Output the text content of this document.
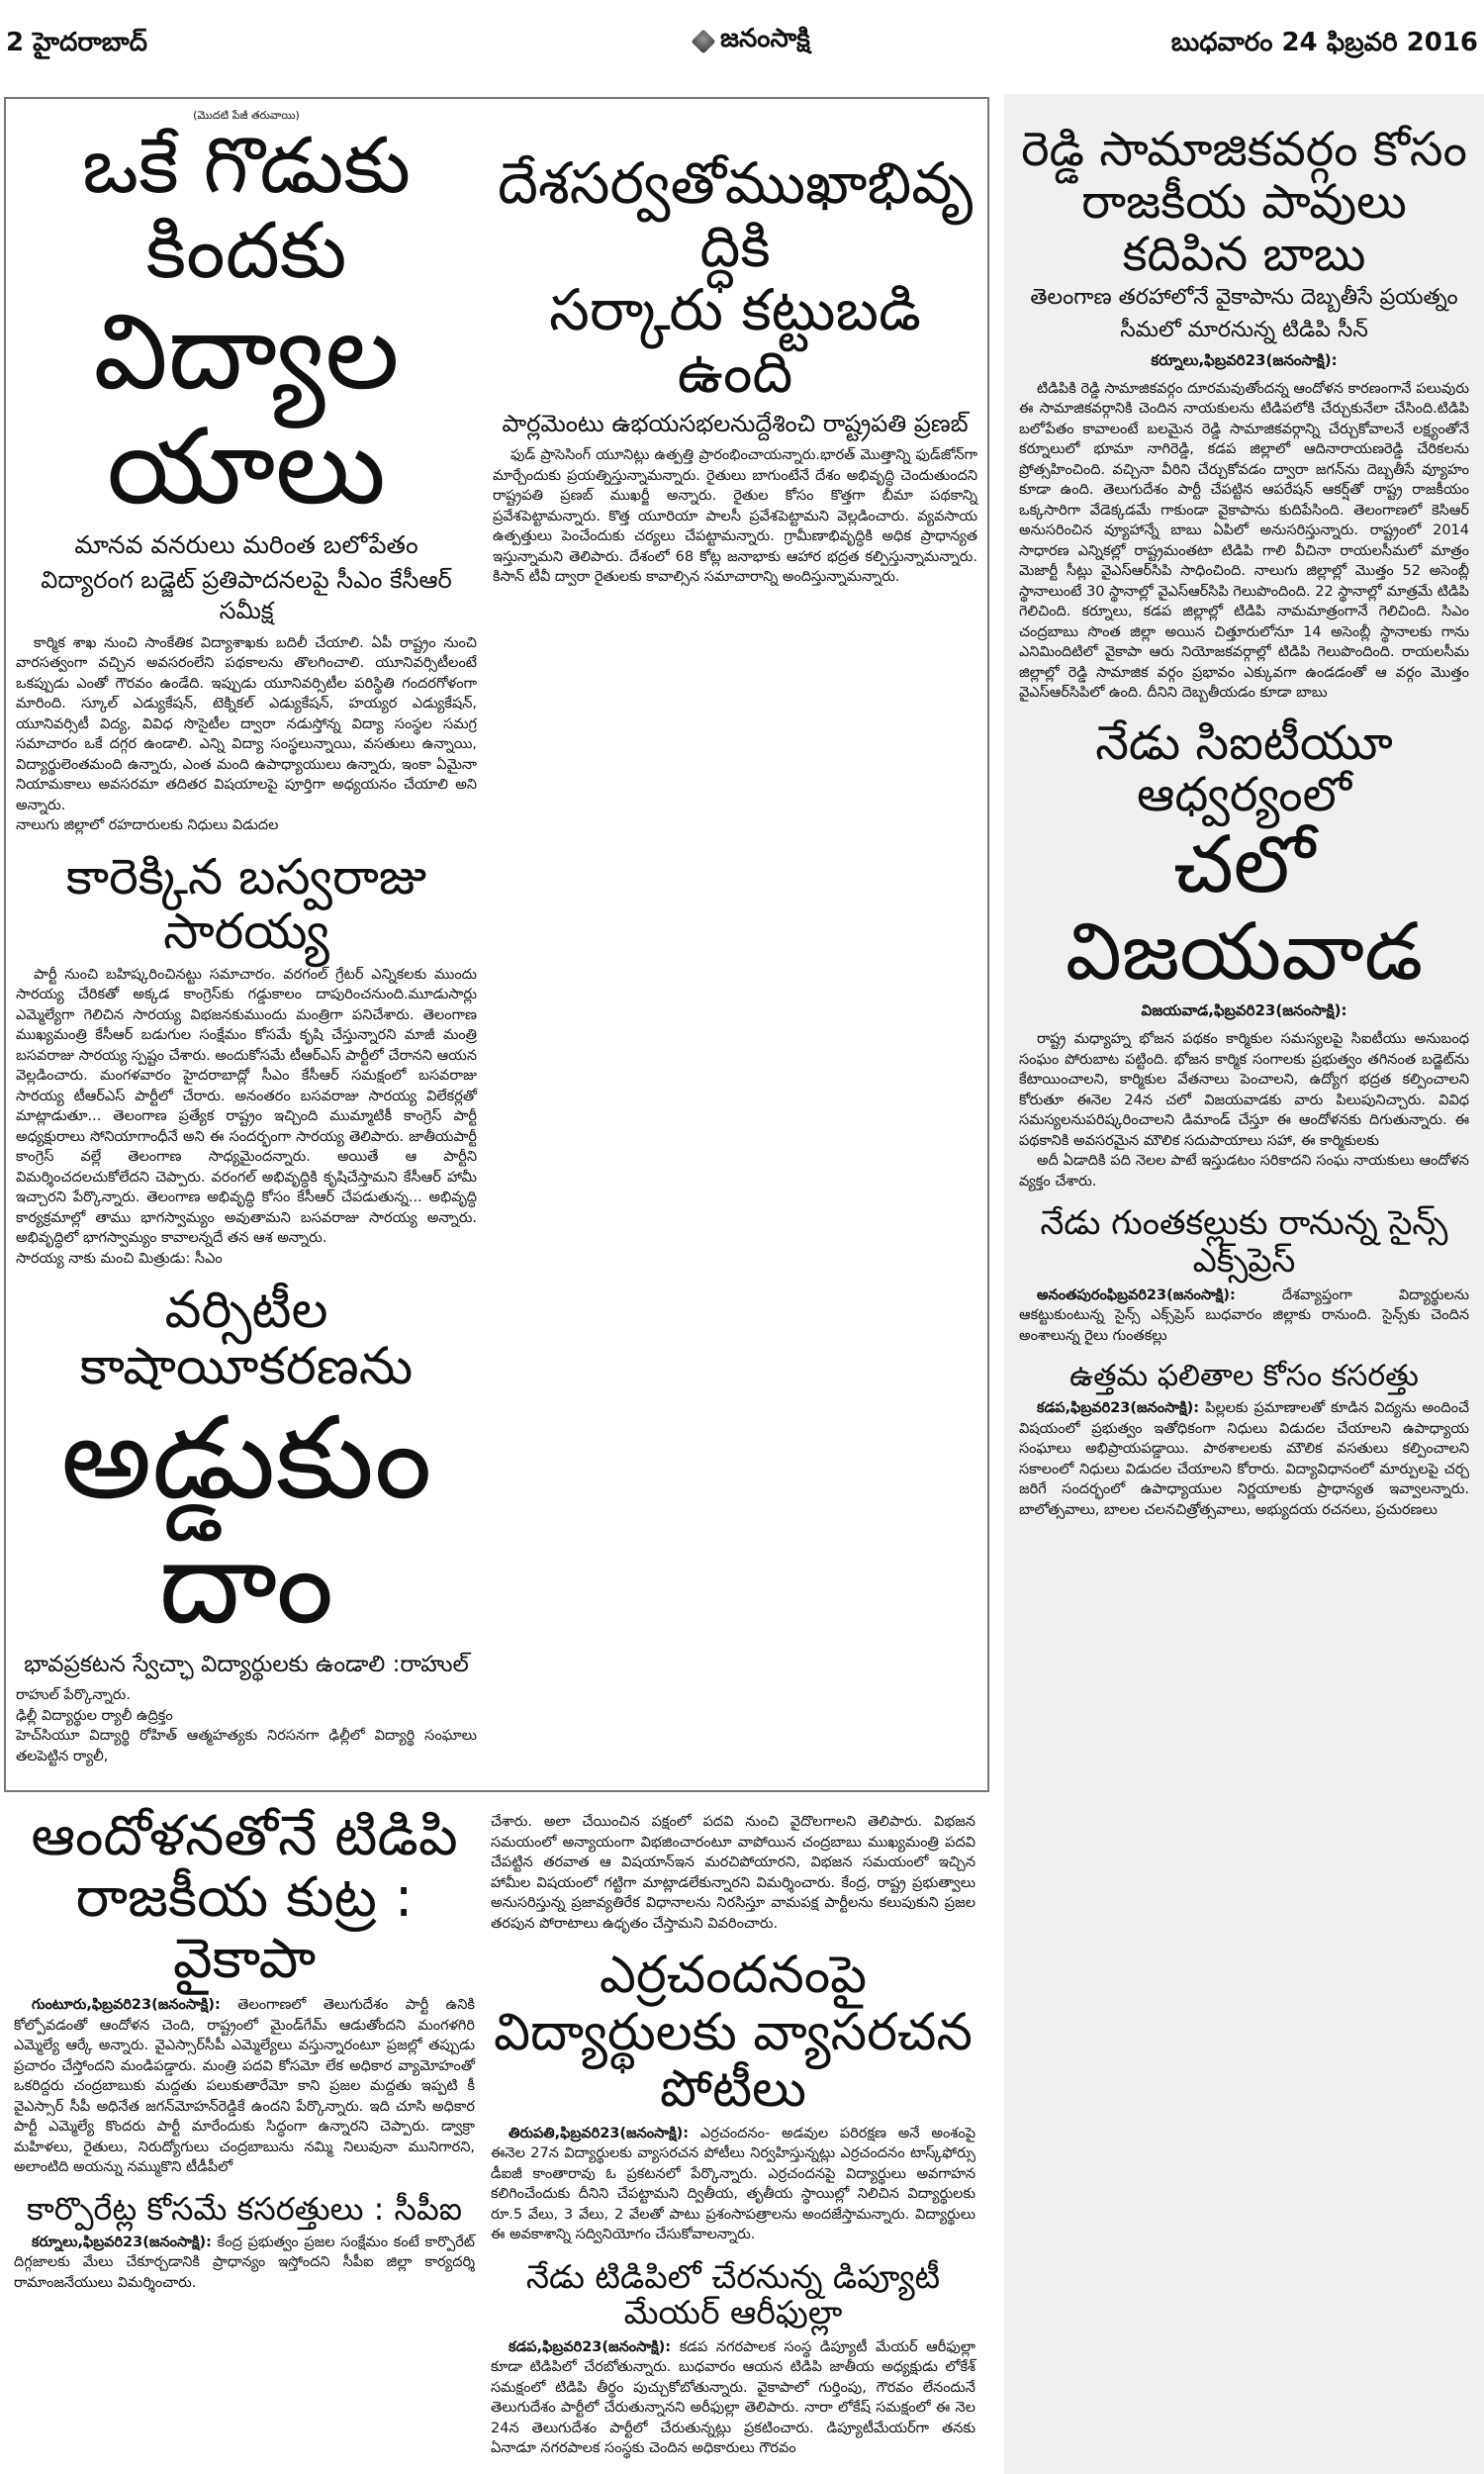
2 హైదరాబాద్	జనంసాక్షి	బుధవారం 24 ఫిబ్రవరి 2016
(మొదటి పేజీ తరువాయి)
ఒకే గొడుకు కిందకు
విద్యాలయాలు
మానవ వనరులు మరింత బలోపేతం
విద్యారంగ బడ్జెట్ ప్రతిపాదనలపై సీఎం కేసీఆర్ సమీక్ష

కార్మిక శాఖ నుంచి సాంకేతిక విద్యాశాఖకు బదిలీ చేయాలి. ఏపీ రాష్ట్రం నుంచి వారసత్వంగా వచ్చిన అవసరంలేని పథకాలను తొలగించాలి. యూనివర్సిటీలంటే ఒకప్పుడు ఎంతో గౌరవం ఉండేది. ఇప్పుడు యూనివర్సిటీల పరిస్థితి గందరగోళంగా మారింది. స్కూల్ ఎడ్యుకేషన్, టెక్నికల్ ఎడ్యుకేషన్, హయ్యర ఎడ్యుకేషన్, యూనివర్సిటీ విద్య, వివిధ సొసైటీల ద్వారా నడుస్తోన్న విద్యా సంస్థల సమగ్ర సమాచారం ఒకే దగ్గర ఉండాలి. ఎన్ని విద్యా సంస్థలున్నాయి, వసతులు ఉన్నాయి, విద్యార్థులెంతమంది ఉన్నారు, ఎంత మంది ఉపాధ్యాయులు ఉన్నారు, ఇంకా ఏమైనా నియామకాలు అవసరమా తదితర విషయాలపై పూర్తిగా అధ్యయనం చేయాలి అని అన్నారు.

నాలుగు జిల్లాలో రహదారులకు నిధులు విడుదల

కారెక్కిన బస్వరాజు సారయ్య

పార్టీ నుంచి బహిష్కరించినట్టు సమాచారం. వరగంల్ గ్రేటర్ ఎన్నికలకు ముందు సారయ్య చేరికతో అక్కడ కాంగ్రెస్‌కు గడ్డుకాలం దాపురించనుంది.మూడుసార్లు ఎమ్మెల్యేగా గెలిచిన సారయ్య విభజనకుముందు మంత్రిగా పనిచేశారు. తెలంగాణ ముఖ్యమంత్రి కేసీఆర్ బడుగుల సంక్షేమం కోసమే కృషి చేస్తున్నారని మాజీ మంత్రి బసవరాజు సారయ్య స్పష్టం చేశారు. అందుకోసమే టీఆర్ఎస్ పార్టీలో చేరానని ఆయన వెల్లడించారు. మంగళవారం హైదరాబాద్లో సీఎం కేసీఆర్ సమక్షంలో బసవరాజు సారయ్య టీఆర్ఎస్ పార్టీలో చేరారు. అనంతరం బసవరాజు సారయ్య విలేకర్లతో మాట్లాడుతూ... తెలంగాణ ప్రత్యేక రాష్ట్రం ఇచ్చింది ముమ్మాటికీ కాంగ్రెస్ పార్టీ అధ్యక్షురాలు సోనియాగాంధీనే అని ఈ సందర్భంగా సారయ్య తెలిపారు. జాతీయపార్టీ కాంగ్రెస్ వల్లే తెలంగాణ సాధ్యమైందన్నారు. అయితే ఆ పార్టీని విమర్శించదలచుకోలేదని చెప్పారు. వరంగల్ అభివృద్ధికి కృషిచేస్తామని కేసీఆర్ హామీ ఇచ్చారని పేర్కొన్నారు. తెలంగాణ అభివృద్ధి కోసం కేసీఆర్ చేపడుతున్న... అభివృద్ధి కార్యక్రమాల్లో తాము భాగస్వామ్యం అవుతామని బసవరాజు సారయ్య అన్నారు. అభివృద్ధిలో భాగస్వామ్యం కావాలన్నదే తన ఆశ అన్నారు.

సారయ్య నాకు మంచి మిత్రుడు: సీఎం

వర్సిటీల కాషాయీకరణను
అడ్డుకుందాం
భావప్రకటన స్వేచ్ఛా విద్యార్థులకు ఉండాలి :రాహుల్

రాహుల్ పేర్కొన్నారు.

ఢిల్లీ విద్యార్థుల ర్యాలీ ఉద్రిక్తం

హెచ్‌సియూ విద్యార్థి రోహిత్ ఆత్మహత్యకు నిరసనగా ఢిల్లీలో విద్యార్థి సంఘాలు తలపెట్టిన ర్యాలీ,

దేశసర్వతోముఖాభివృద్ధికి
సర్కారు కట్టుబడి ఉంది
పార్లమెంటు ఉభయసభలనుద్దేశించి రాష్ట్రపతి ప్రణబ్

ఫుడ్ ప్రాసెసింగ్ యూనిట్లు ఉత్పత్తి ప్రారంభించాయన్నారు.భారత్ మొత్తాన్ని ఫుడ్‌జోన్‌గా మార్చేందుకు ప్రయత్నిస్తున్నామన్నారు. రైతులు బాగుంటేనే దేశం అభివృద్ధి చెందుతుందని రాష్ట్రపతి ప్రణబ్ ముఖర్జీ అన్నారు. రైతుల కోసం కొత్తగా బీమా పథకాన్ని ప్రవేశపెట్టామన్నారు. కొత్త యూరియా పాలసీ ప్రవేశపెట్టామని వెల్లడించారు. వ్యవసాయ ఉత్పత్తులు పెంచేందుకు చర్యలు చేపట్టామన్నారు. గ్రామీణాభివృద్ధికి అధిక ప్రాధాన్యత ఇస్తున్నామని తెలిపారు. దేశంలో 68 కోట్ల జనాభాకు ఆహార భద్రత కల్పిస్తున్నామన్నారు. కిసాన్ టీవీ ద్వారా రైతులకు కావాల్సిన సమాచారాన్ని అందిస్తున్నామన్నారు.

ఆందోళనతోనే టిడిపి
రాజకీయ కుట్ర : వైకాపా

గుంటూరు,ఫిబ్రవరి23(జనంసాక్షి): తెలంగాణలో తెలుగుదేశం పార్టీ ఉనికి కోల్పోవడంతో ఆందోళన చెంది, రాష్ట్రంలో మైండ్‌గేమ్ ఆడుతోందని మంగళగిరి ఎమ్మెల్యే ఆర్కే అన్నారు. వైఎస్సార్‌సీపీ ఎమ్మెల్యేలు వస్తున్నారంటూ ప్రజల్లో తప్పుడు ప్రచారం చేస్తోందని మండిపడ్డారు. మంత్రి పదవి కోసమో లేక అధికార వ్యామోహంతో ఒకరిద్దరు చంద్రబాబుకు మద్దతు పలుకుతారేమో కాని ప్రజల మద్దతు ఇప్పటి కీ వైఎస్సార్ సీపీ అధినేత జగన్‌మోహన్‌రెడ్డికే ఉందని పేర్కొన్నారు. ఇది చూసి అధికార పార్టీ ఎమ్మెల్యే కొందరు పార్టీ మారేందుకు సిద్ధంగా ఉన్నారని చెప్పారు. డ్వాక్రా మహిళలు, రైతులు, నిరుద్యోగులు చంద్రబాబును నమ్మి నిలువునా మునిగారని, అలాంటిది అయన్ను నమ్ముకొని టీడీపీలో

కార్పొరేట్ల కోసమే కసరత్తులు : సీపీఐ

కర్నూలు,ఫిబ్రవరి23(జనంసాక్షి): కేంద్ర ప్రభుత్వం ప్రజల సంక్షేమం కంటే కార్పొరేట్ దిగ్గజాలకు మేలు చేకూర్చడానికి ప్రాధాన్యం ఇస్తోందని సీపీఐ జిల్లా కార్యదర్శి రామాంజనేయులు విమర్శించారు.

చేశారు. అలా చేయించిన పక్షంలో పదవి నుంచి వైదొలగాలని తెలిపారు. విభజన సమయంలో అన్యాయంగా విభజించారంటూ వాపోయిన చంద్రబాబు ముఖ్యమంత్రి పదవి చేపట్టిన తరవాత ఆ విషయాన్‌ఇన మరచిపోయారని, విభజన సమయంలో ఇచ్చిన హామీల విషయంలో గట్టిగా మాట్లాడలేకున్నారని విమర్శించారు. కేంద్ర, రాష్ట్ర ప్రభుత్వాలు అనుసరిస్తున్న ప్రజావ్యతిరేక విధానాలను నిరసిస్తూ వామపక్ష పార్టీలను కలుపుకుని ప్రజల తరపున పోరాటాలు ఉధృతం చేస్తామని వివరించారు.

ఎర్రచందనంపై
విద్యార్థులకు వ్యాసరచన పోటీలు

తిరుపతి,ఫిబ్రవరి23(జనంసాక్షి): ఎర్రచందనం- అడవుల పరిరక్షణ అనే అంశంపై ఈనెల 27న విద్యార్థులకు వ్యాసరచన పోటీలు నిర్వహిస్తున్నట్లు ఎర్రచందనం టాస్క్‌ఫోర్సు డీఐజీ కాంతారావు ఓ ప్రకటనలో పేర్కొన్నారు. ఎర్రచందనపై విద్యార్థులు అవగాహన కలిగించేందుకు దీనిని చేపట్టామని ద్వితీయ, తృతీయ స్థాయిల్లో నిలిచిన విద్యార్థులకు రూ.5 వేలు, 3 వేలు, 2 వేలతో పాటు ప్రశంసాపత్రాలను అందజేస్తామన్నారు. విద్యార్థులు ఈ అవకాశాన్ని సద్వినియోగం చేసుకోవాలన్నారు.

నేడు టిడిపిలో చేరనున్న డిప్యూటీ మేయర్ ఆరీఫుల్లా

కడప,ఫిబ్రవరి23(జనంసాక్షి): కడప నగరపాలక సంస్థ డిప్యూటీ మేయర్ ఆరీఫుల్లా కూడా టిడిపిలో చేరబోతున్నారు. బుధవారం ఆయన టిడిపి జాతీయ అధ్యక్షుడు లోకేశ్ సమక్షంలో టిడిపి తీర్థం పుచ్చుకోబోతున్నారు. వైకాపాలో గుర్తింపు, గౌరవం లేనందునే తెలుగుదేశం పార్టీలో చేరుతున్నానని అరీఫుల్లా తెలిపారు. నారా లోకేష్ సమక్షంలో ఈ నెల 24న తెలుగుదేశం పార్టీలో చేరుతున్నట్లు ప్రకటించారు. డిప్యూటీమేయర్‌గా తనకు ఏనాడూ నగరపాలక సంస్థకు చెందిన అధికారులు గౌరవం

రెడ్డి సామాజికవర్గం కోసం
రాజకీయ పావులు కదిపిన బాబు
తెలంగాణ తరహాలోనే వైకాపాను దెబ్బతీసే ప్రయత్నం
సీమలో మారనున్న టిడిపి సీన్
కర్నూలు,ఫిబ్రవరి23(జనంసాక్షి):

టిడిపికి రెడ్డి సామాజికవర్గం దూరమవుతోందన్న ఆందోళన కారణంగానే పలువురు ఈ సామాజికవర్గానికి చెందిన నాయకులను టిడిపలోకి చేర్చుకునేలా చేసింది.టిడిపి బలోపేతం కావాలంటే బలమైన రెడ్డి సామాజికవర్గాన్ని చేర్చుకోవాలనే లక్ష్యంతోనే కర్నూలులో భూమా నాగిరెడ్డి, కడప జిల్లాలో ఆదినారాయణరెడ్డి చేరికలను ప్రోత్సహించింది. వచ్చినా వీరిని చేర్చుకోవడం ద్వారా జగన్‌ను దెబ్బతీసే వ్యూహం కూడా ఉంది. తెలుగుదేశం పార్టీ చేపట్టిన ఆపరేషన్ ఆకర్ష్‌తో రాష్ట్ర రాజకీయం ఒక్కసారిగా వేడెక్కడమే గాకుండా వైకాపాను కుదిపేసింది. తెలంగాణలో కెసిఆర్ అనుసరించిన వ్యూహాన్నే బాబు ఏపిలో అనుసరిస్తున్నారు. రాష్ట్రంలో 2014 సాధారణ ఎన్నికల్లో రాష్ట్రమంతటా టిడిపి గాలి వీచినా రాయలసీమలో మాత్రం మెజార్టీ సీట్లు వైఎస్ఆర్‌సిపి సాధించింది. నాలుగు జిల్లాల్లో మొత్తం 52 అసెంబ్లీ స్థానాలుంటే 30 స్థానాల్లో వైఎస్ఆర్‌సిపి గెలుపొందింది. 22 స్థానాల్లో మాత్రమే టిడిపి గెలిచింది. కర్నూలు, కడప జిల్లాల్లో టిడిపి నామమాత్రంగానే గెలిచింది. సిఎం చంద్రబాబు సొంత జిల్లా అయిన చిత్తూరులోనూ 14 అసెంబ్లీ స్థానాలకు గాను ఎనిమిందిటిలో వైకాపా ఆరు నియోజకవర్గాల్లో టిడిపి గెలుపొందింది. రాయలసీమ జిల్లాల్లో రెడ్డి సామాజిక వర్గం ప్రభావం ఎక్కువగా ఉండడంతో ఆ వర్గం మొత్తం వైఎస్ఆర్‌సిపిలో ఉంది. దీనిని దెబ్బతీయడం కూడా బాబు

నేడు సిఐటీయూ ఆధ్వర్యంలో
చలో విజయవాడ
విజయవాడ,ఫిబ్రవరి23(జనంసాక్షి):

రాష్ట్ర మధ్యాహ్న భోజన పథకం కార్మికుల సమస్యలపై సిఐటీయు అనుబంధ సంఘం పోరుబాట పట్టింది. భోజన కార్మిక సంగాలకు ప్రభుత్వం తగినంత బడ్జెట్‌ను కేటాయించాలని, కార్మికుల వేతనాలు పెంచాలని, ఉద్యోగ భద్రత కల్పించాలని కోరుతూ ఈనెల 24న చలో విజయవాడకు వారు పిలుపునిచ్చారు. వివిధ సమస్యలనుపరిష్కరించాలని డిమాండ్ చేస్తూ ఈ ఆందోళనకు దిగుతున్నారు. ఈ పథకానికి అవసరమైన మౌలిక సదుపాయాలు సహా, ఈ కార్మికులకు

అదీ ఏడాదికి పది నెలల పాటే ఇస్తుడటం సరికాదని సంఘ నాయకులు ఆందోళన వ్యక్తం చేశారు.

నేడు గుంతకల్లుకు రానున్న సైన్స్ ఎక్స్‌ప్రెస్

అనంతపురంఫిబ్రవరి23(జనంసాక్షి):	దేశవ్యాప్తంగా విద్యార్థులను ఆకట్టుకుంటున్న సైన్స్ ఎక్స్‌ప్రెస్ బుధవారం జిల్లాకు రానుంది. సైన్స్‌కు చెందిన అంశాలున్న రైలు గుంతకల్లు

ఉత్తమ ఫలితాల కోసం కసరత్తు

కడప,ఫిబ్రవరి23(జనంసాక్షి): పిల్లలకు ప్రమాణాలతో కూడిన విద్యను అందించే విషయంలో ప్రభుత్వం ఇతోధికంగా నిధులు విడుదల చేయాలని ఉపాధ్యాయ సంఘాలు అభిప్రాయపడ్డాయి. పాఠశాలలకు మౌలిక వసతులు కల్పించాలని సకాలంలో నిధులు విడుదల చేయాలని కోరారు. విద్యావిధానంలో మార్పులపై చర్చ జరిగే సందర్భంలో ఉపాధ్యాయుల నిర్ణయాలకు ప్రాధాన్యత ఇవ్వాలన్నారు. బాలోత్సవాలు, బాలల చలనచిత్రోత్సవాలు, అభ్యుదయ రచనలు, ప్రచురణలు
